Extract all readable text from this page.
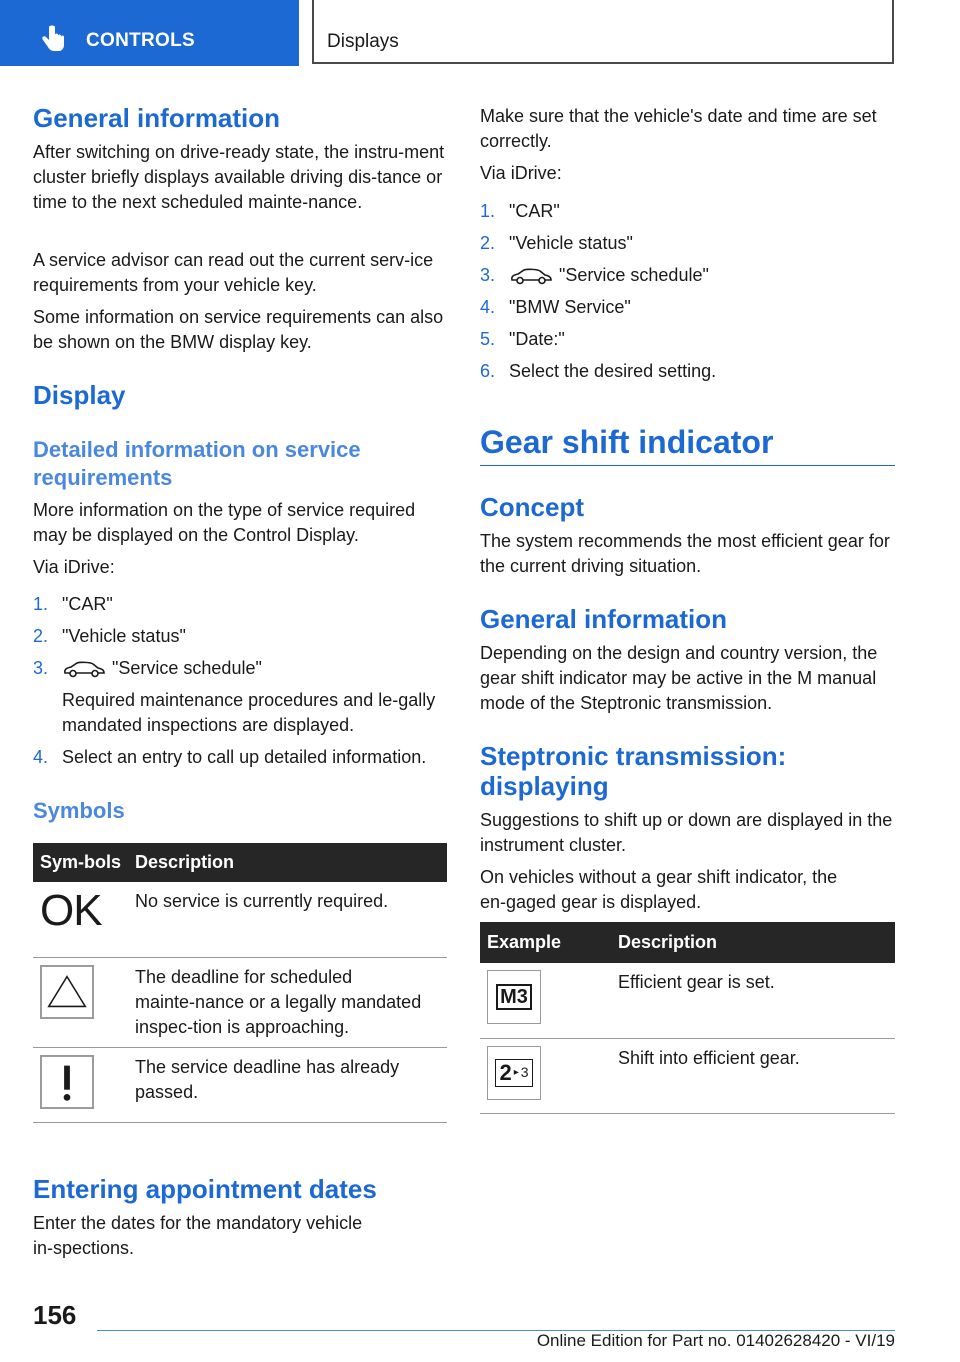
CONTROLS	Displays
General information

After switching on drive-ready state, the instru‑ment cluster briefly displays available driving dis‑tance or time to the next scheduled mainte‑nance.

A service advisor can read out the current serv‑ice requirements from your vehicle key.

Some information on service requirements can also be shown on the BMW display key.

Display
Detailed information on service requirements

More information on the type of service required may be displayed on the Control Display.

Via iDrive:

1. "CAR"
2. "Vehicle status"
3.	"Service schedule"
Required maintenance procedures and le‑gally mandated inspections are displayed.
4. Select an entry to call up detailed information.
Symbols
Sym‑bols	Description
OK	No service is currently required.

	The deadline for scheduled mainte‑nance or a legally mandated inspec‑tion is approaching.

	The service deadline has already passed.
Entering appointment dates

Enter the dates for the mandatory vehicle in‑spections.

Make sure that the vehicle's date and time are set correctly.

Via iDrive:

1. "CAR"
2. "Vehicle status"
3.	"Service schedule"
4. "BMW Service"
5. "Date:"
6. Select the desired setting.
Gear shift indicator
Concept

The system recommends the most efficient gear for the current driving situation.

General information

Depending on the design and country version, the gear shift indicator may be active in the M manual mode of the Steptronic transmission.

Steptronic transmission: displaying

Suggestions to shift up or down are displayed in the instrument cluster.

On vehicles without a gear shift indicator, the en‑gaged gear is displayed.

Example	Description

M3	Efficient gear is set.

2 ▸ 3	Shift into efficient gear.
156
Online Edition for Part no. 01402628420 - VI/19
